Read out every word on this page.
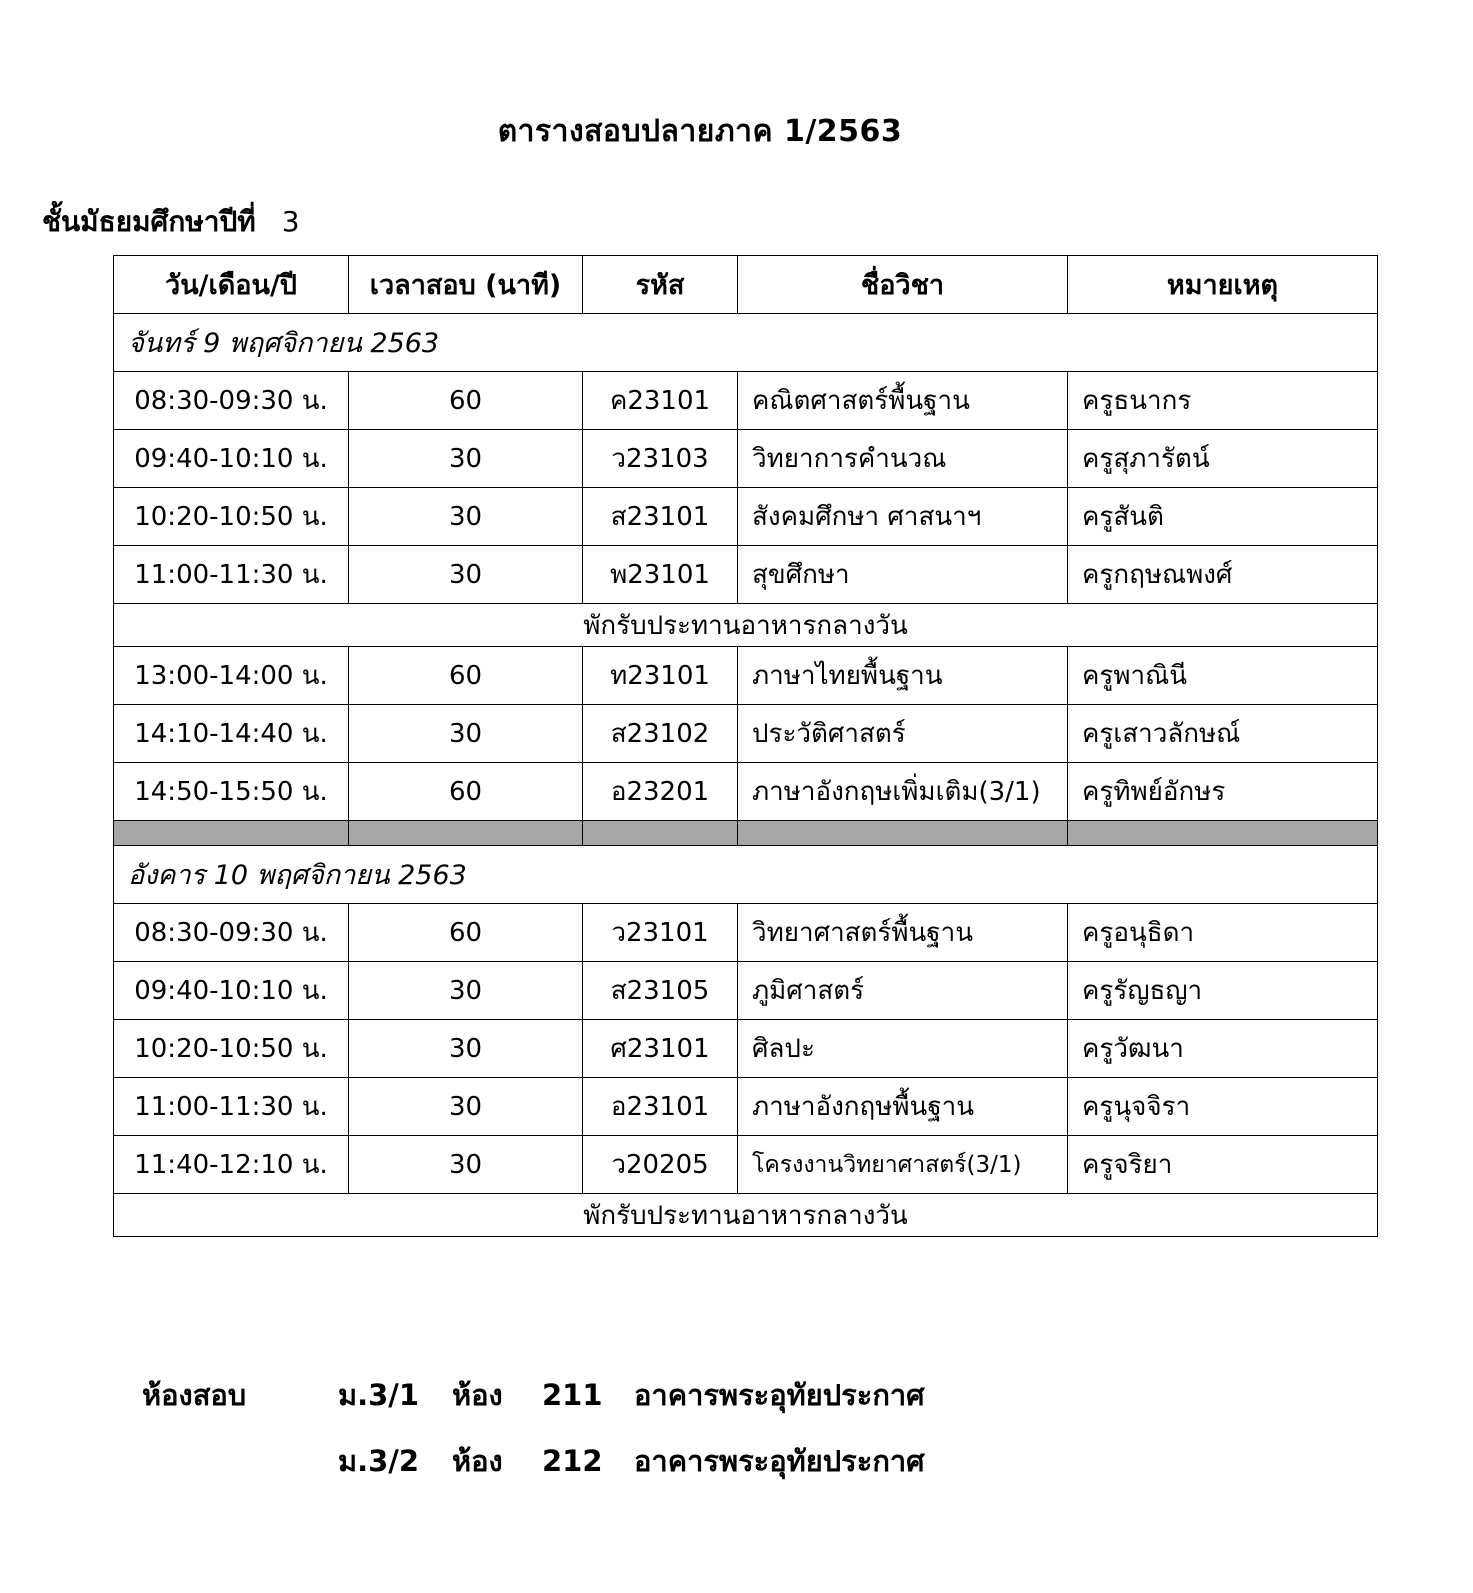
ตารางสอบปลายภาค 1/2563
ชั้นมัธยมศึกษาปีที่ 3
วัน/เดือน/ปี	เวลาสอบ (นาที)	รหัส	ชื่อวิชา	หมายเหตุ
จันทร์ 9 พฤศจิกายน 2563				
08:30-09:30 น.	60	ค23101	คณิตศาสตร์พื้นฐาน	ครูธนากร
09:40-10:10 น.	30	ว23103	วิทยาการคำนวณ	ครูสุภารัตน์
10:20-10:50 น.	30	ส23101	สังคมศึกษา ศาสนาฯ	ครูสันติ
11:00-11:30 น.	30	พ23101	สุขศึกษา	ครูกฤษณพงศ์
พักรับประทานอาหารกลางวัน				
13:00-14:00 น.	60	ท23101	ภาษาไทยพื้นฐาน	ครูพาณินี
14:10-14:40 น.	30	ส23102	ประวัติศาสตร์	ครูเสาวลักษณ์
14:50-15:50 น.	60	อ23201	ภาษาอังกฤษเพิ่มเติม(3/1)	ครูทิพย์อักษร

อังคาร 10 พฤศจิกายน 2563				
08:30-09:30 น.	60	ว23101	วิทยาศาสตร์พื้นฐาน	ครูอนุธิดา
09:40-10:10 น.	30	ส23105	ภูมิศาสตร์	ครูรัญธญา
10:20-10:50 น.	30	ศ23101	ศิลปะ	ครูวัฒนา
11:00-11:30 น.	30	อ23101	ภาษาอังกฤษพื้นฐาน	ครูนุจจิรา
11:40-12:10 น.	30	ว20205	โครงงานวิทยาศาสตร์(3/1)	ครูจริยา
พักรับประทานอาหารกลางวัน				
ห้องสอบ	ม.3/1 ห้อง 211 อาคารพระอุทัยประกาศ
ม.3/2 ห้อง 212 อาคารพระอุทัยประกาศ
